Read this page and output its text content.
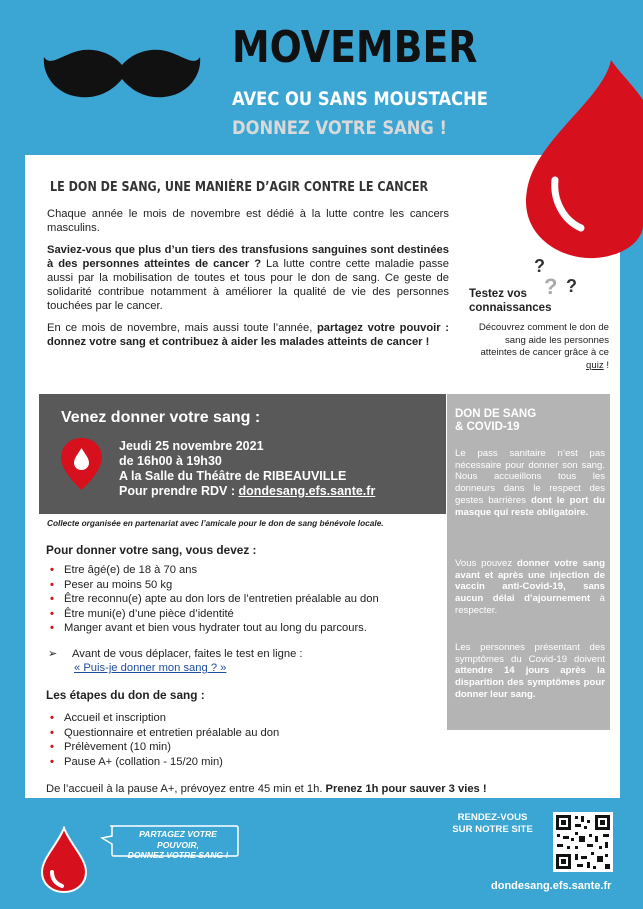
MOVEMBER
AVEC OU SANS MOUSTACHE
DONNEZ VOTRE SANG !
LE DON DE SANG, UNE MANIÈRE D’AGIR CONTRE LE CANCER

Chaque année le mois de novembre est dédié à la lutte contre les cancers masculins.

Saviez-vous que plus d’un tiers des transfusions sanguines sont destinées à des personnes atteintes de cancer ? La lutte contre cette maladie passe aussi par la mobilisation de toutes et tous pour le don de sang. Ce geste de solidarité contribue notamment à améliorer la qualité de vie des personnes touchées par le cancer.

En ce mois de novembre, mais aussi toute l’année, partagez votre pouvoir : donnez votre sang et contribuez à aider les malades atteints de cancer !

?
? ?
Testez vos
connaissances
Découvrez comment le don de sang aide les personnes atteintes de cancer grâce à ce quiz !
Venez donner votre sang :
Jeudi 25 novembre 2021
de 16h00 à 19h30
A la Salle du Théâtre de RIBEAUVILLE
Pour prendre RDV : dondesang.efs.sante.fr
DON DE SANG
& COVID-19
Le pass sanitaire n’est pas nécessaire pour donner son sang. Nous accueillons tous les donneurs dans le respect des gestes barrières dont le port du masque qui reste obligatoire.
Vous pouvez donner votre sang avant et après une injection de vaccin anti-Covid-19, sans aucun délai d’ajournement à respecter.
Les personnes présentant des symptômes du Covid-19 doivent attendre 14 jours après la disparition des symptômes pour donner leur sang.
Collecte organisée en partenariat avec l’amicale pour le don de sang bénévole locale.
Pour donner votre sang, vous devez :
• Etre âgé(e) de 18 à 70 ans
• Peser au moins 50 kg
• Être reconnu(e) apte au don lors de l’entretien préalable au don
• Être muni(e) d’une pièce d’identité
• Manger avant et bien vous hydrater tout au long du parcours.
➢ Avant de vous déplacer, faites le test en ligne :
« Puis-je donner mon sang ? »
Les étapes du don de sang :
• Accueil et inscription
• Questionnaire et entretien préalable au don
• Prélèvement (10 min)
• Pause A+ (collation - 15/20 min)
De l’accueil à la pause A+, prévoyez entre 45 min et 1h. Prenez 1h pour sauver 3 vies !
PARTAGEZ VOTRE POUVOIR,
DONNEZ VOTRE SANG !
RENDEZ-VOUS
SUR NOTRE SITE
dondesang.efs.sante.fr
